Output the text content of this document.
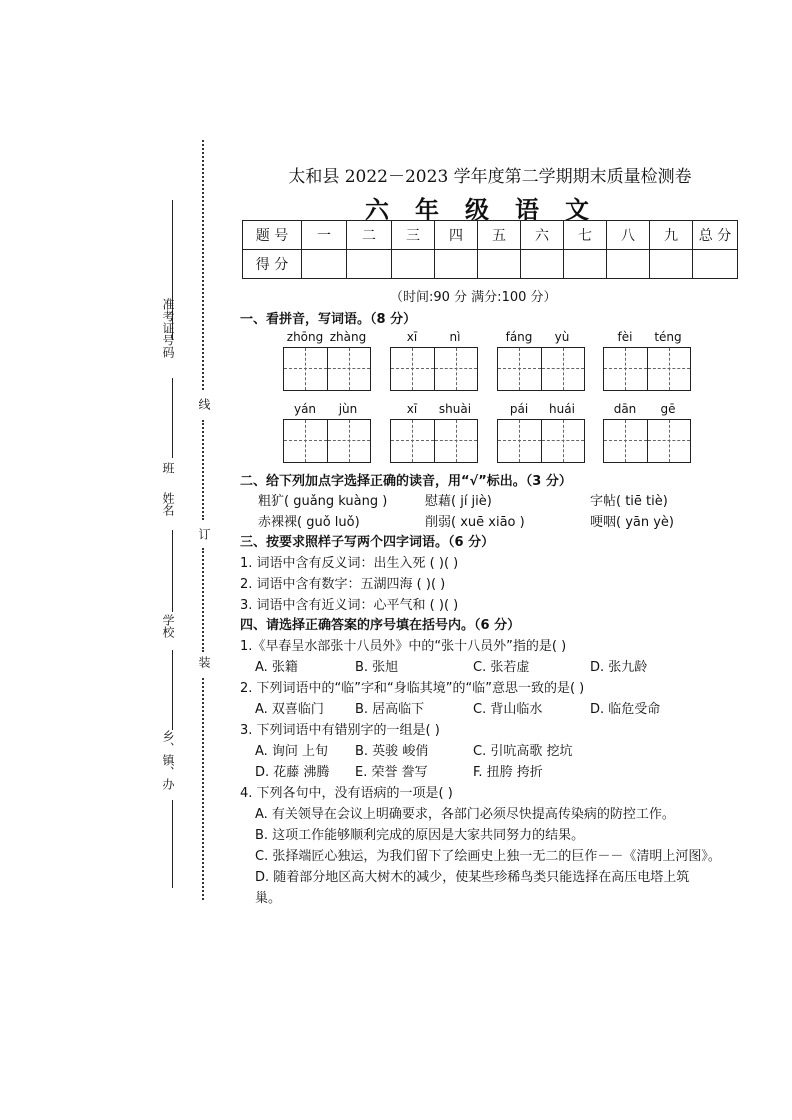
准考证号码
班
姓名
学校
乡、镇、办
线
订
装
太和县 2022－2023 学年度第二学期期末质量检测卷
六年级语文
题 号	一	二	三	四	五	六	七	八	九	总 分
得 分										
（时间:90 分 满分:100 分）
一、看拼音，写词语。（8 分）
zhōng zhàng	xī	nì	fáng	yù	fèi	téng
yán	jùn	xī	shuài	pái	huái	dān	gē
二、给下列加点字选择正确的读音，用“√”标出。（3 分）
粗犷( guǎng kuàng )	慰藉( jí jiè)	字帖( tiē tiè)
赤裸裸( guǒ luǒ)	削弱( xuē xiāo )	哽咽( yān yè)
三、按要求照样子写两个四字词语。（6 分）
1. 词语中含有反义词：出生入死 ( )( )
2. 词语中含有数字：五湖四海 ( )( )
3. 词语中含有近义词：心平气和 ( )( )
四、请选择正确答案的序号填在括号内。（6 分）
1.《早春呈水部张十八员外》中的“张十八员外”指的是( )
A. 张籍	B. 张旭	C. 张若虚	D. 张九龄
2. 下列词语中的“临”字和“身临其境”的“临”意思一致的是( )
A. 双喜临门 B. 居高临下	C. 背山临水	D. 临危受命
3. 下列词语中有错别字的一组是( )
A. 询问 上旬 B. 英骏 峻俏	C. 引吭高歌 挖坑
D. 花藤 沸腾 E. 荣誉 誊写	F. 扭胯 挎折
4. 下列各句中，没有语病的一项是( )
A. 有关领导在会议上明确要求，各部门必须尽快提高传染病的防控工作。
B. 这项工作能够顺利完成的原因是大家共同努力的结果。
C. 张择端匠心独运，为我们留下了绘画史上独一无二的巨作－－《清明上河图》。
D. 随着部分地区高大树木的减少，使某些珍稀鸟类只能选择在高压电塔上筑
巢。
